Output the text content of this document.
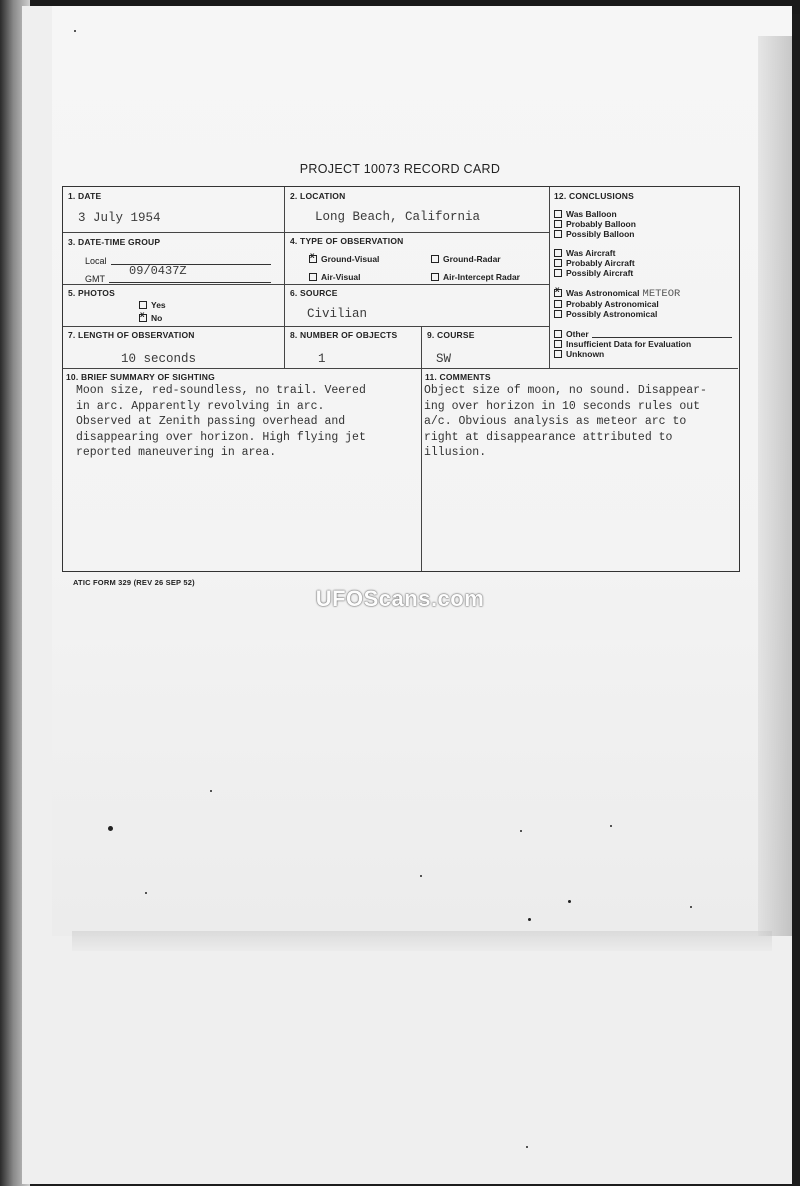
PROJECT 10073 RECORD CARD
1. DATE
3 July 1954
2. LOCATION
Long Beach, California
3. DATE-TIME GROUP
Local
GMT
09/0437Z
4. TYPE OF OBSERVATION
xGround-Visual	Ground-Radar
Air-Visual	Air-Intercept Radar
5. PHOTOS
Yes
xNo
6. SOURCE
Civilian
7. LENGTH OF OBSERVATION
10 seconds
8. NUMBER OF OBJECTS
1
9. COURSE
SW
12. CONCLUSIONS
Was Balloon
Probably Balloon
Possibly Balloon
Was Aircraft
Probably Aircraft
Possibly Aircraft
xWas Astronomical METEOR
Probably Astronomical
Possibly Astronomical
Other
Insufficient Data for Evaluation
Unknown
10. BRIEF SUMMARY OF SIGHTING
Moon size, red-soundless, no trail. Veered
in arc. Apparently revolving in arc.
Observed at Zenith passing overhead and
disappearing over horizon. High flying jet
reported maneuvering in area.
11. COMMENTS
Object size of moon, no sound. Disappear-
ing over horizon in 10 seconds rules out
a/c. Obvious analysis as meteor arc to
right at disappearance attributed to
illusion.
ATIC FORM 329 (REV 26 SEP 52)
UFOScans.com
